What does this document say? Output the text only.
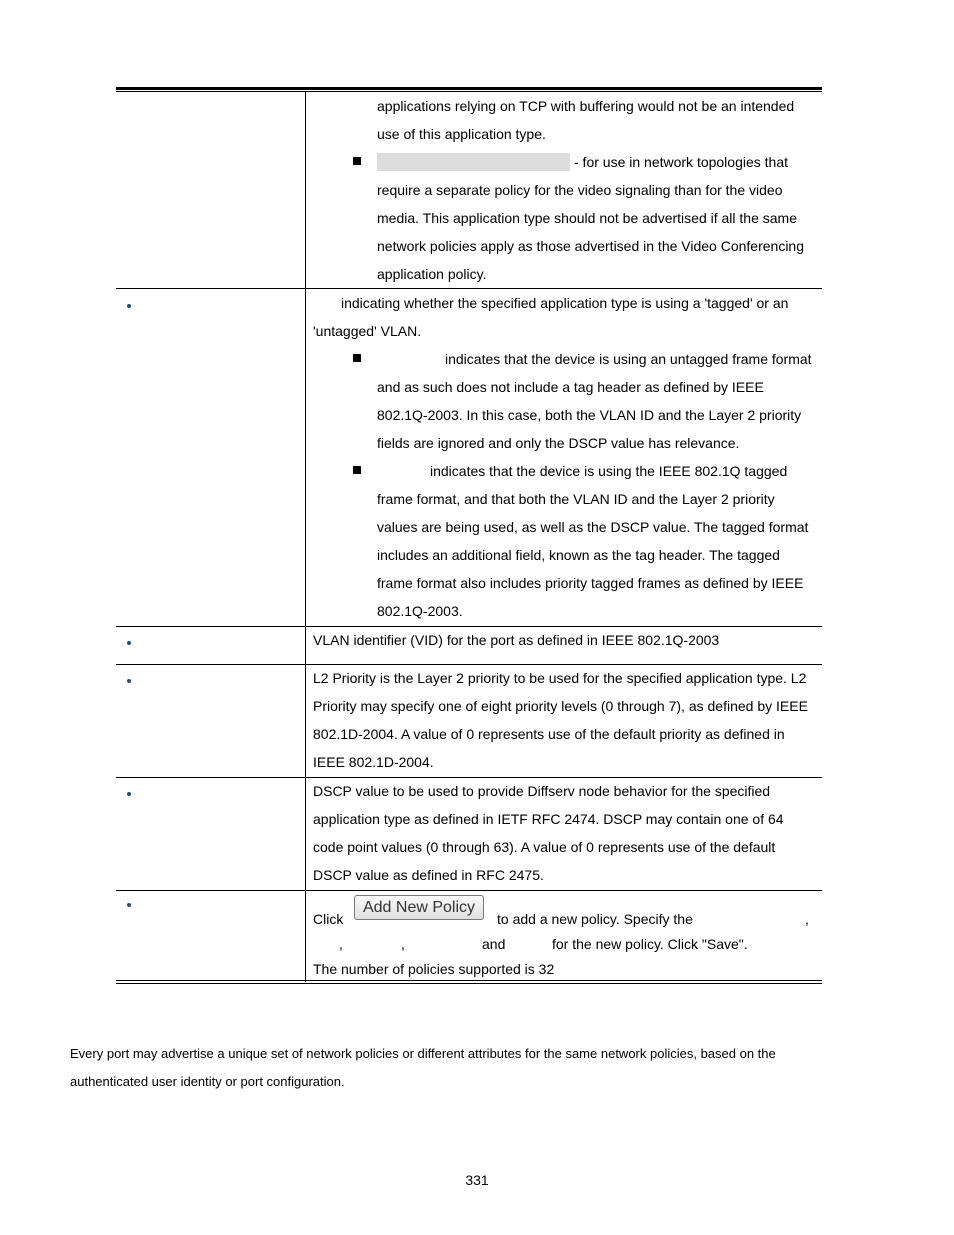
applications relying on TCP with buffering would not be an intended
use of this application type.
- for use in network topologies that
require a separate policy for the video signaling than for the video
media. This application type should not be advertised if all the same
network policies apply as those advertised in the Video Conferencing
application policy.
indicating whether the specified application type is using a 'tagged' or an
'untagged' VLAN.
indicates that the device is using an untagged frame format
and as such does not include a tag header as defined by IEEE
802.1Q-2003. In this case, both the VLAN ID and the Layer 2 priority
fields are ignored and only the DSCP value has relevance.
indicates that the device is using the IEEE 802.1Q tagged
frame format, and that both the VLAN ID and the Layer 2 priority
values are being used, as well as the DSCP value. The tagged format
includes an additional field, known as the tag header. The tagged
frame format also includes priority tagged frames as defined by IEEE
802.1Q-2003.
VLAN identifier (VID) for the port as defined in IEEE 802.1Q-2003
L2 Priority is the Layer 2 priority to be used for the specified application type. L2
Priority may specify one of eight priority levels (0 through 7), as defined by IEEE
802.1D-2004. A value of 0 represents use of the default priority as defined in
IEEE 802.1D-2004.
DSCP value to be used to provide Diffserv node behavior for the specified
application type as defined in IETF RFC 2474. DSCP may contain one of 64
code point values (0 through 63). A value of 0 represents use of the default
DSCP value as defined in RFC 2475.
Click
Add New Policy
to add a new policy. Specify the	,
,	,	and	for the new policy. Click "Save".
The number of policies supported is 32
Every port may advertise a unique set of network policies or different attributes for the same network policies, based on the
authenticated user identity or port configuration.
331
